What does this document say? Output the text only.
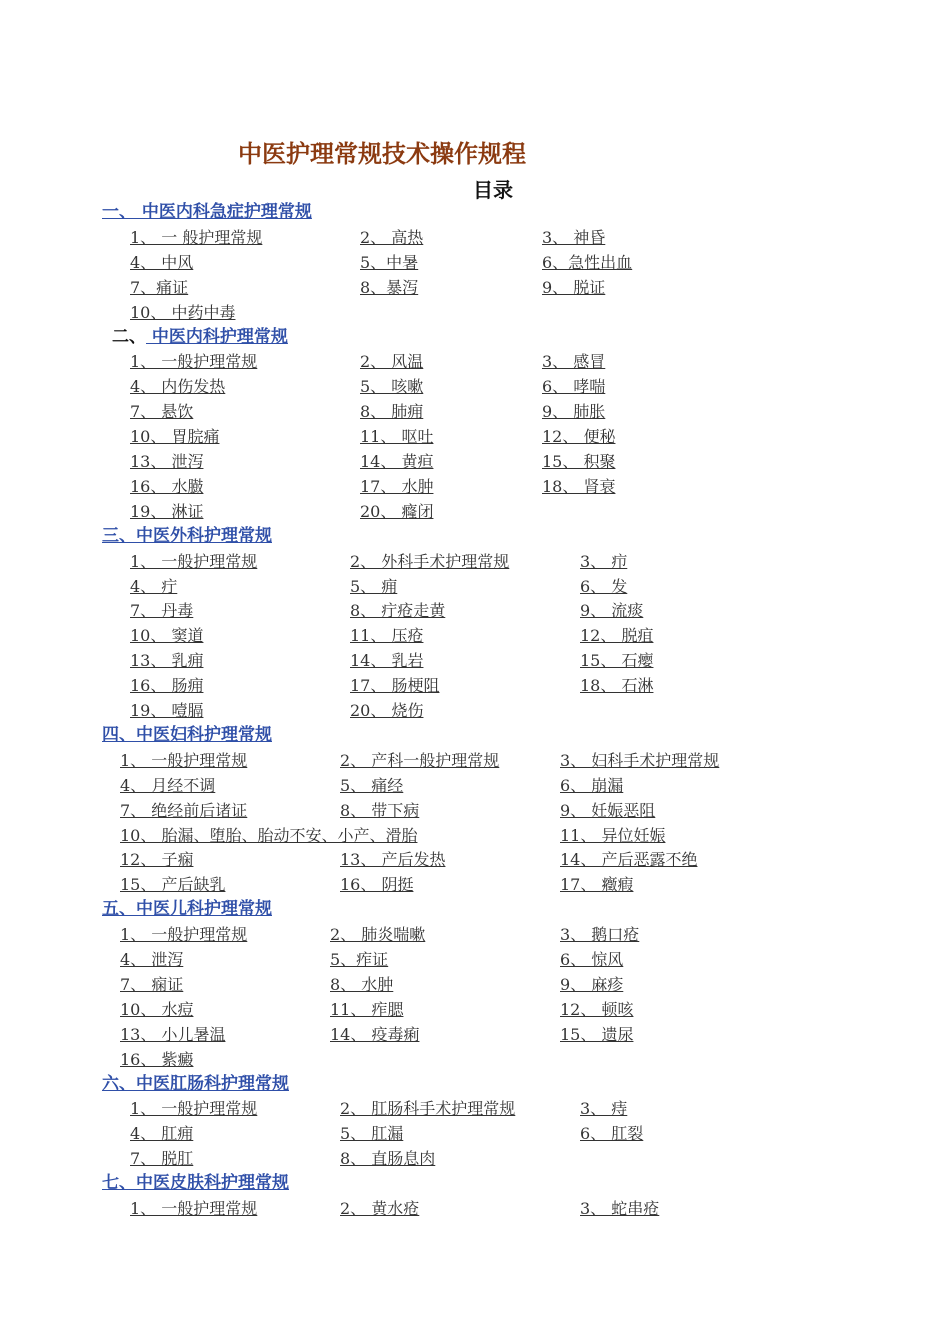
中医护理常规技术操作规程
目录
一、 中医内科急症护理常规
1、 一 般护理常规	2、 高热	3、 神昏
4、 中风	5、中暑	6、急性出血
7、痛证	8、暴泻	9、 脱证
10、 中药中毒
二、 中医内科护理常规
1、 一般护理常规	2、 风温	3、 感冒
4、 内伤发热	5、 咳嗽	6、 哮喘
7、 悬饮	8、 肺痈	9、 肺胀
10、 胃脘痛	11、 呕吐	12、 便秘
13、 泄泻	14、 黄疸	15、 积聚
16、 水臌	17、 水肿	18、 肾衰
19、 淋证	20、 癃闭
三、中医外科护理常规
1、 一般护理常规	2、 外科手术护理常规	3、 疖
4、 疔	5、 痈	6、 发
7、 丹毒	8、 疔疮走黄	9、 流痰
10、 窦道	11、 压疮	12、 脱疽
13、 乳痈	14、 乳岩	15、 石瘿
16、 肠痈	17、 肠梗阻	18、 石淋
19、 噎膈	20、 烧伤
四、中医妇科护理常规
1、 一般护理常规	2、 产科一般护理常规	3、 妇科手术护理常规
4、 月经不调	5、 痛经	6、 崩漏
7、 绝经前后诸证	8、 带下病	9、 妊娠恶阻
10、 胎漏、堕胎、胎动不安、小产、滑胎	11、 异位妊娠
12、 子痫	13、 产后发热	14、 产后恶露不绝
15、 产后缺乳	16、 阴挺	17、 癥瘕
五、中医儿科护理常规
1、 一般护理常规	2、 肺炎喘嗽	3、 鹅口疮
4、 泄泻	5、痄证	6、 惊风
7、 痫证	8、 水肿	9、 麻疹
10、 水痘	11、 痄腮	12、 顿咳
13、 小儿暑温	14、 疫毒痢	15、 遗尿
16、 紫癜
六、中医肛肠科护理常规
1、 一般护理常规	2、 肛肠科手术护理常规	3、 痔
4、 肛痈	5、 肛漏	6、 肛裂
7、 脱肛	8、 直肠息肉
七、中医皮肤科护理常规
1、 一般护理常规	2、 黄水疮	3、 蛇串疮
